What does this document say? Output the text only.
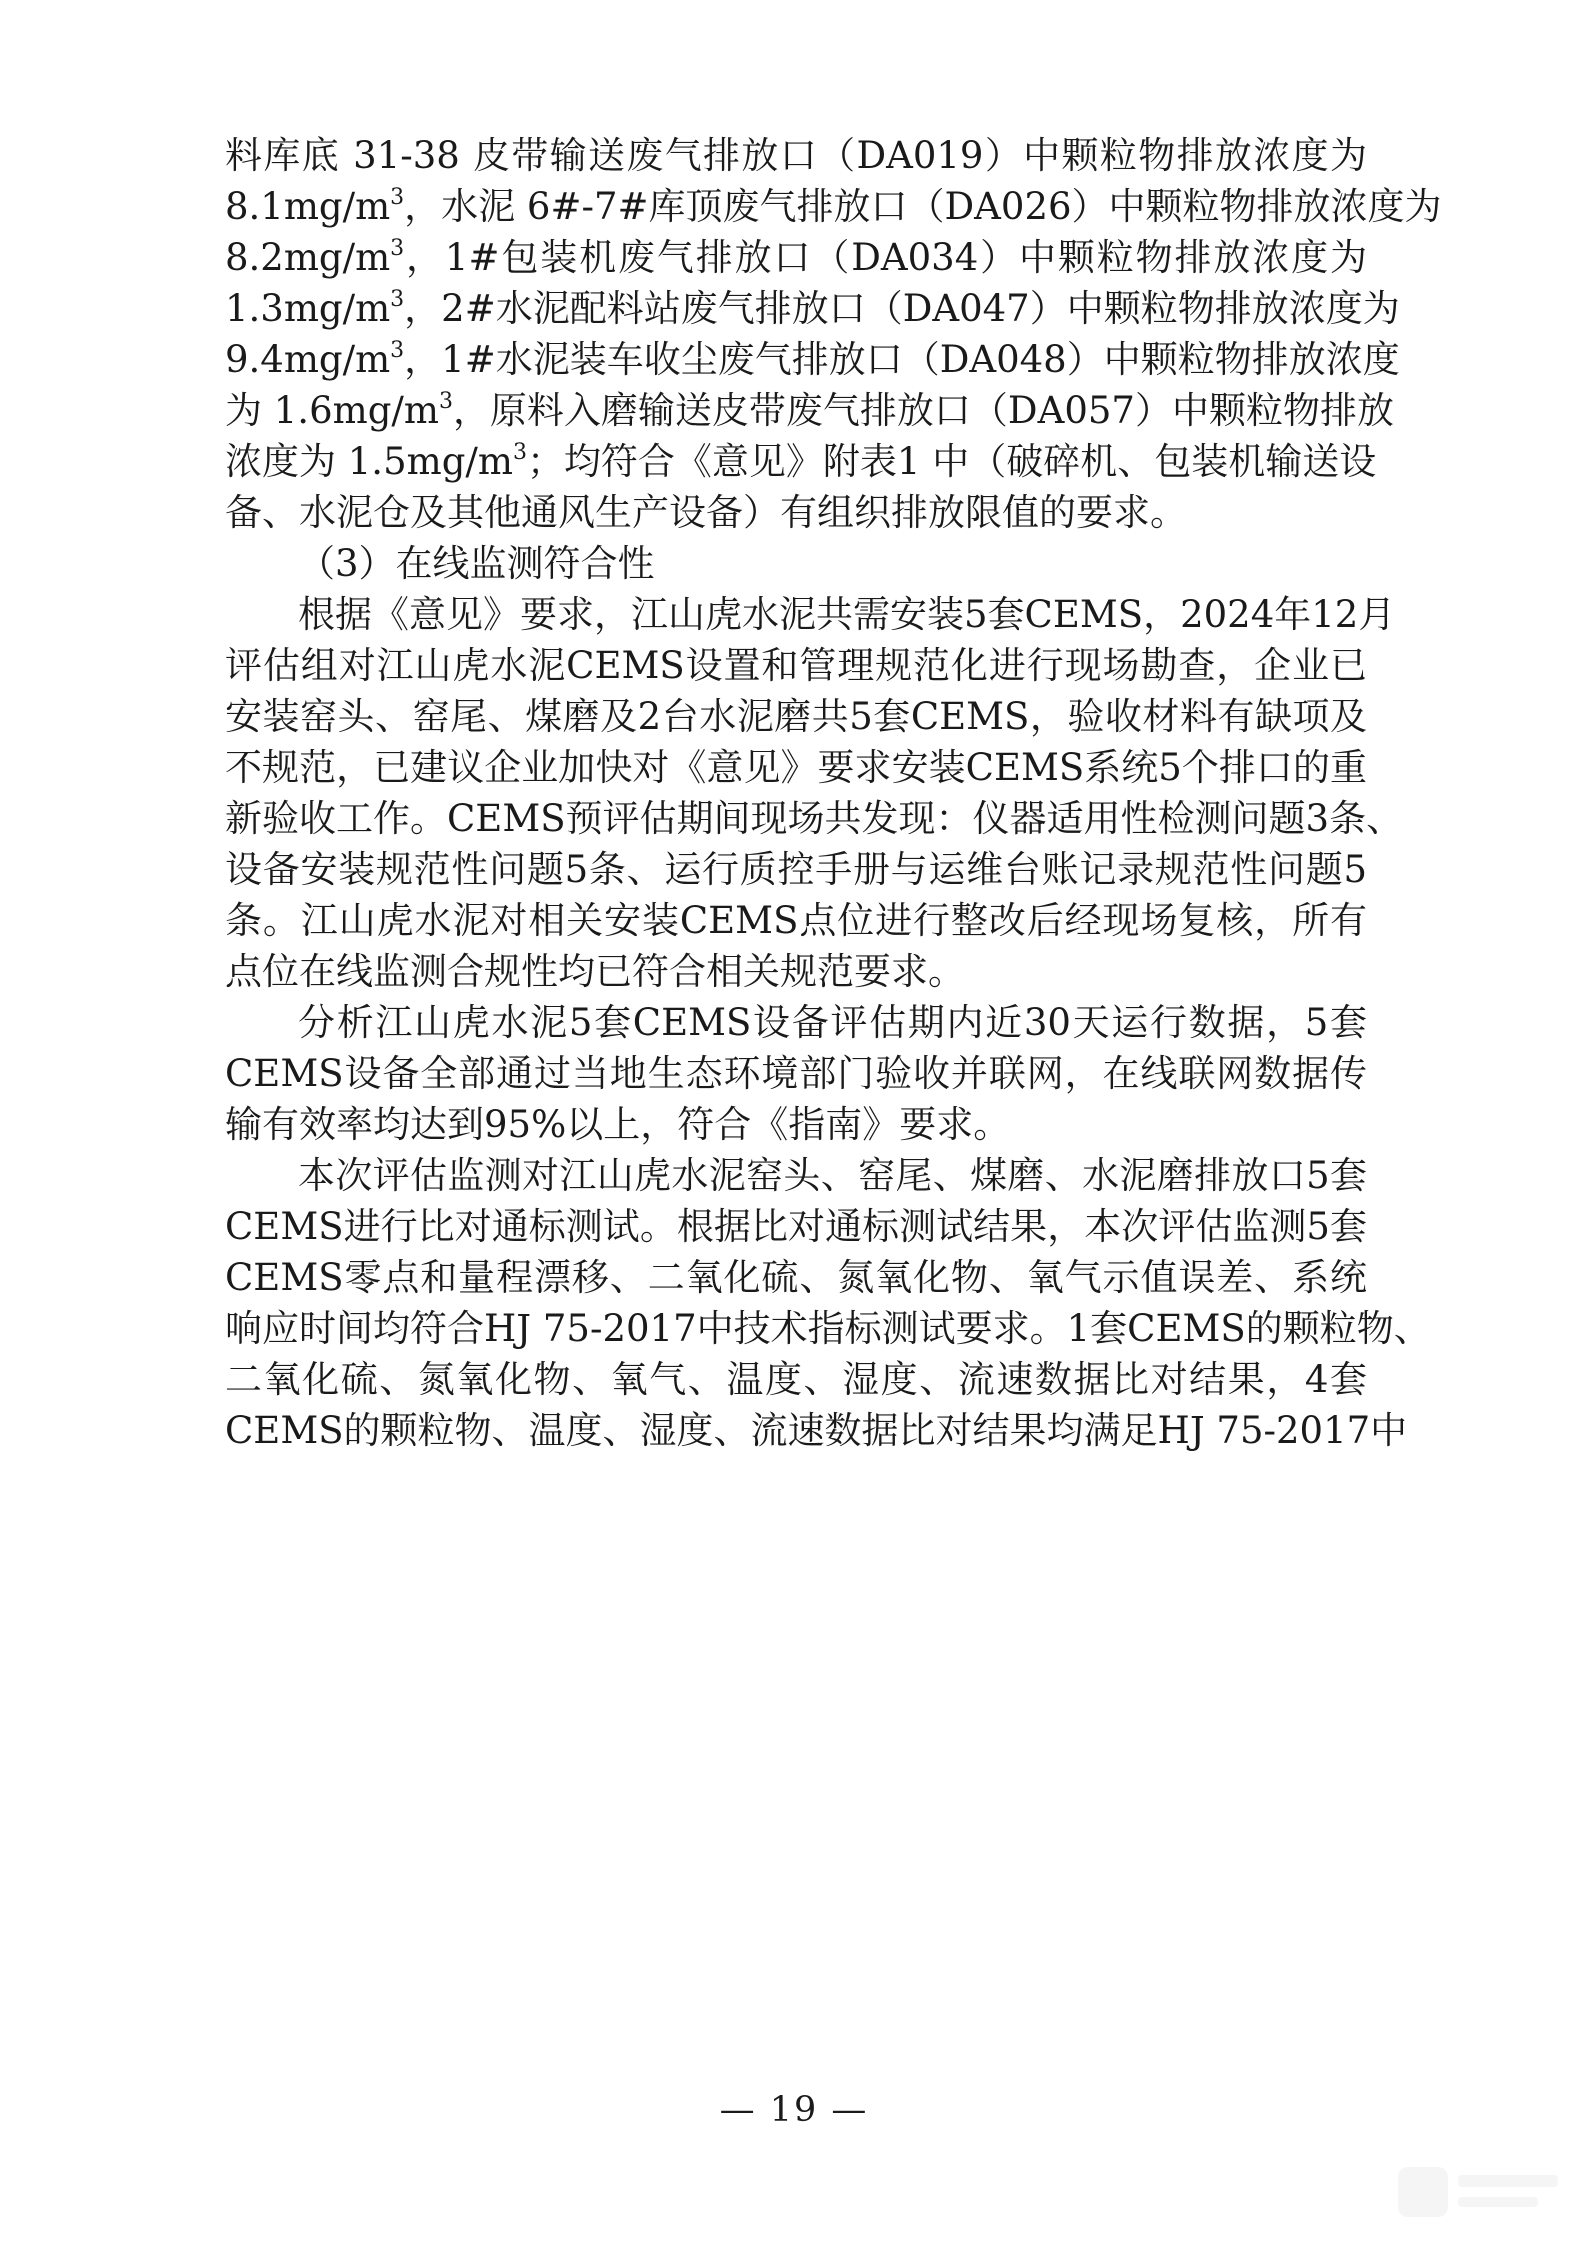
料库底 31-38 皮带输送废气排放口（DA019）中颗粒物排放浓度为
$8.1mg/m^3$，水泥 6#-7#库顶废气排放口（DA026）中颗粒物排放浓度为
$8.2mg/m^3$，1#包装机废气排放口（DA034）中颗粒物排放浓度为
$1.3mg/m^3$，2#水泥配料站废气排放口（DA047）中颗粒物排放浓度为
$9.4mg/m^3$，1#水泥装车收尘废气排放口（DA048）中颗粒物排放浓度
为 $1.6mg/m^3$，原料入磨输送皮带废气排放口（DA057）中颗粒物排放
浓度为 $1.5mg/m^3$；均符合《意见》附表1 中（破碎机、包装机输送设
备、水泥仓及其他通风生产设备）有组织排放限值的要求。
（3）在线监测符合性
根据《意见》要求，江山虎水泥共需安装5套CEMS，2024年12月
评估组对江山虎水泥CEMS设置和管理规范化进行现场勘查，企业已
安装窑头、窑尾、煤磨及2台水泥磨共5套CEMS，验收材料有缺项及
不规范，已建议企业加快对《意见》要求安装CEMS系统5个排口的重
新验收工作。CEMS预评估期间现场共发现：仪器适用性检测问题3条、
设备安装规范性问题5条、运行质控手册与运维台账记录规范性问题5
条。江山虎水泥对相关安装CEMS点位进行整改后经现场复核，所有
点位在线监测合规性均已符合相关规范要求。
分析江山虎水泥5套CEMS设备评估期内近30天运行数据，5套
CEMS设备全部通过当地生态环境部门验收并联网，在线联网数据传
输有效率均达到95%以上，符合《指南》要求。
本次评估监测对江山虎水泥窑头、窑尾、煤磨、水泥磨排放口5套
CEMS进行比对通标测试。根据比对通标测试结果，本次评估监测5套
CEMS零点和量程漂移、二氧化硫、氮氧化物、氧气示值误差、系统
响应时间均符合HJ 75-2017中技术指标测试要求。1套CEMS的颗粒物、
二氧化硫、氮氧化物、氧气、温度、湿度、流速数据比对结果，4套
CEMS的颗粒物、温度、湿度、流速数据比对结果均满足HJ 75-2017中
— 19 —
